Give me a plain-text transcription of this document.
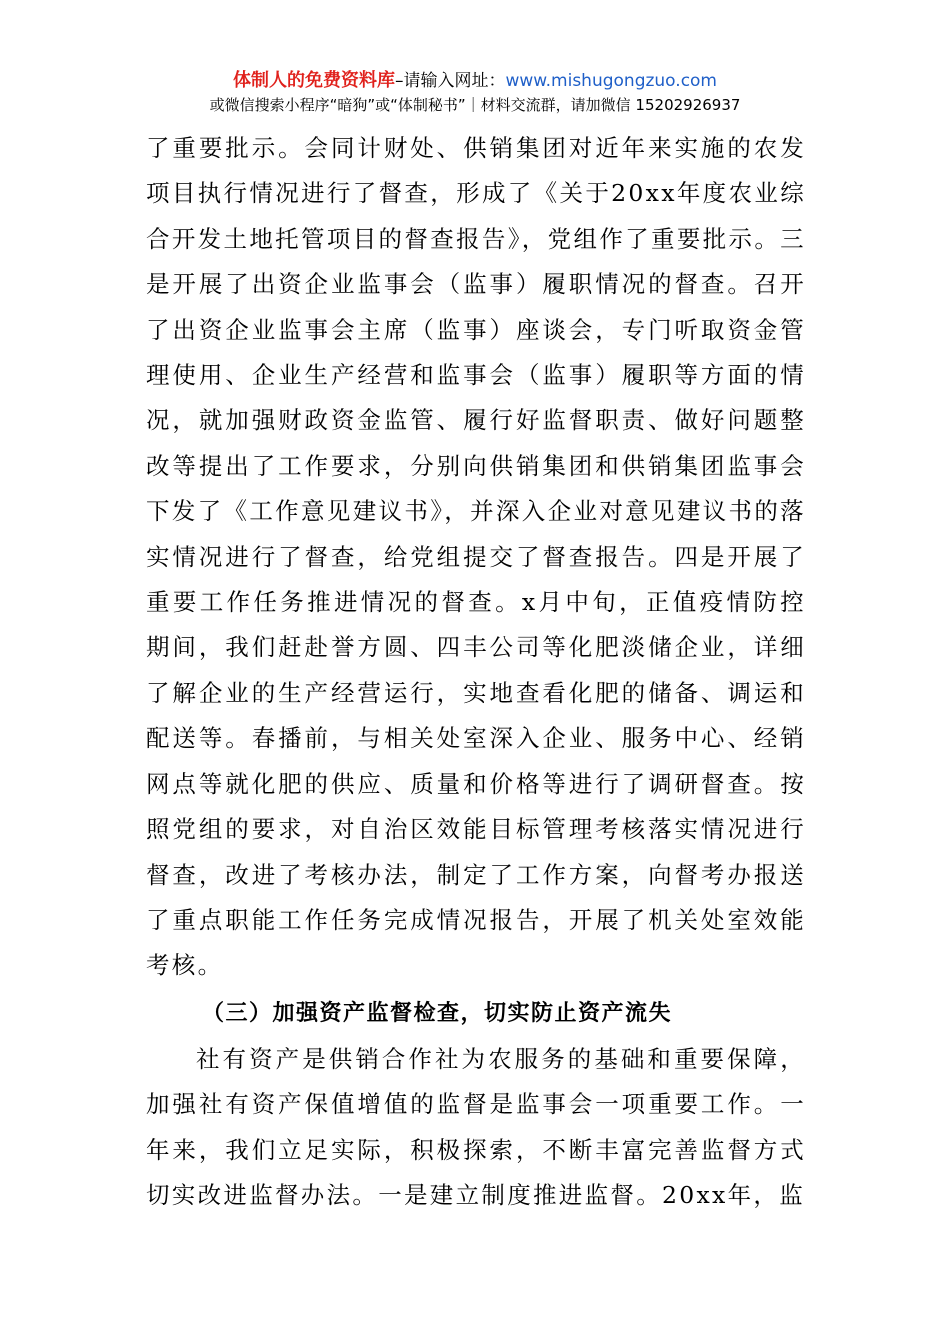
体制人的免费资料库–请输入网址：www.mishugongzuo.com
或微信搜索小程序“暗狗”或“体制秘书”｜材料交流群，请加微信 15202926937

了重要批示。会同计财处、供销集团对近年来实施的农发项目执行情况进行了督查，形成了《关于20xx年度农业综合开发土地托管项目的督查报告》，党组作了重要批示。三是开展了出资企业监事会（监事）履职情况的督查。召开了出资企业监事会主席（监事）座谈会，专门听取资金管理使用、企业生产经营和监事会（监事）履职等方面的情况，就加强财政资金监管、履行好监督职责、做好问题整改等提出了工作要求，分别向供销集团和供销集团监事会下发了《工作意见建议书》，并深入企业对意见建议书的落实情况进行了督查，给党组提交了督查报告。四是开展了重要工作任务推进情况的督查。x月中旬，正值疫情防控期间，我们赶赴誉方圆、四丰公司等化肥淡储企业，详细了解企业的生产经营运行，实地查看化肥的储备、调运和配送等。春播前，与相关处室深入企业、服务中心、经销网点等就化肥的供应、质量和价格等进行了调研督查。按照党组的要求，对自治区效能目标管理考核落实情况进行督查，改进了考核办法，制定了工作方案，向督考办报送了重点职能工作任务完成情况报告，开展了机关处室效能考核。

（三）加强资产监督检查，切实防止资产流失

社有资产是供销合作社为农服务的基础和重要保障，加强社有资产保值增值的监督是监事会一项重要工作。一年来，我们立足实际，积极探索，不断丰富完善监督方式切实改进监督办法。一是建立制度推进监督。20xx年，监
